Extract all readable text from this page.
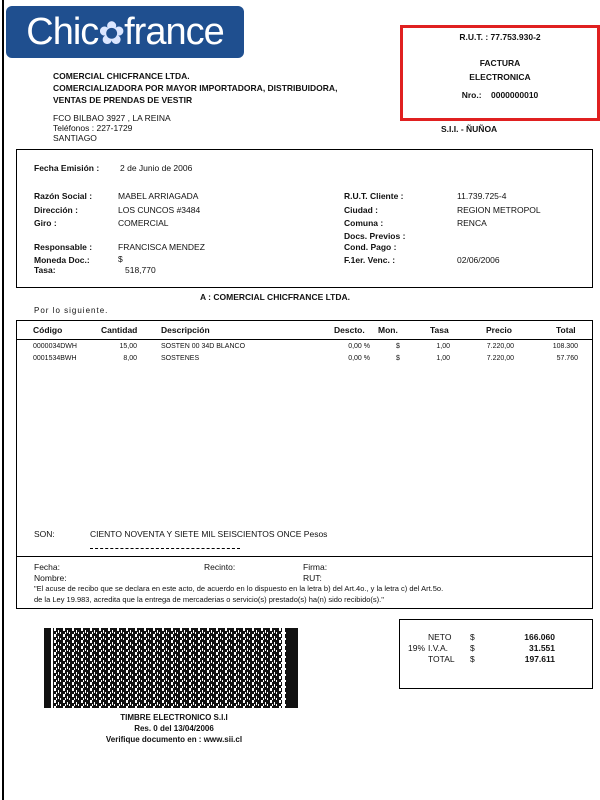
Chic✿france
COMERCIAL CHICFRANCE LTDA.
COMERCIALIZADORA POR MAYOR IMPORTADORA, DISTRIBUIDORA,
VENTAS DE PRENDAS DE VESTIR
FCO BILBAO 3927 , LA REINA
Teléfonos : 227-1729
SANTIAGO
R.U.T. : 77.753.930-2
FACTURA
ELECTRONICA
Nro.: 0000000010
S.I.I. - ÑUÑOA
Fecha Emisión : 2 de Junio de 2006
Razón Social :	MABEL ARRIAGADA
Dirección :	LOS CUNCOS #3484
Giro :	COMERCIAL
Responsable :	FRANCISCA MENDEZ
Moneda Doc.:	$
Tasa:	518,770
R.U.T. Cliente :	11.739.725-4
Ciudad :	REGION METROPOL
Comuna :	RENCA
Docs. Previos :
Cond. Pago :
F.1er. Venc. :	02/06/2006
A : COMERCIAL CHICFRANCE LTDA.
Por lo siguiente.
Código	Cantidad	Descripción	Descto. Mon.	Tasa	Precio	Total
0000034DWH	15,00	SOSTEN 00 34D BLANCO	0,00 %	$	1,00	7.220,00	108.300
0001534BWH	8,00	SOSTENES	0,00 %	$	1,00	7.220,00	57.760
SON:	CIENTO NOVENTA Y SIETE MIL SEISCIENTOS ONCE Pesos
Fecha:	Recinto:	Firma:
Nombre:	RUT:
"El acuse de recibo que se declara en este acto, de acuerdo en lo dispuesto en la letra b) del Art.4o., y la letra c) del Art.5o.
de la Ley 19.983, acredita que la entrega de mercaderias o servicio(s) prestado(s) ha(n) sido recibido(s)."
TIMBRE ELECTRONICO S.I.I
Res. 0 del 13/04/2006
Verifique documento en : www.sii.cl
19%
NETO $	166.060
I.V.A.	$	31.551
TOTAL $	197.611
